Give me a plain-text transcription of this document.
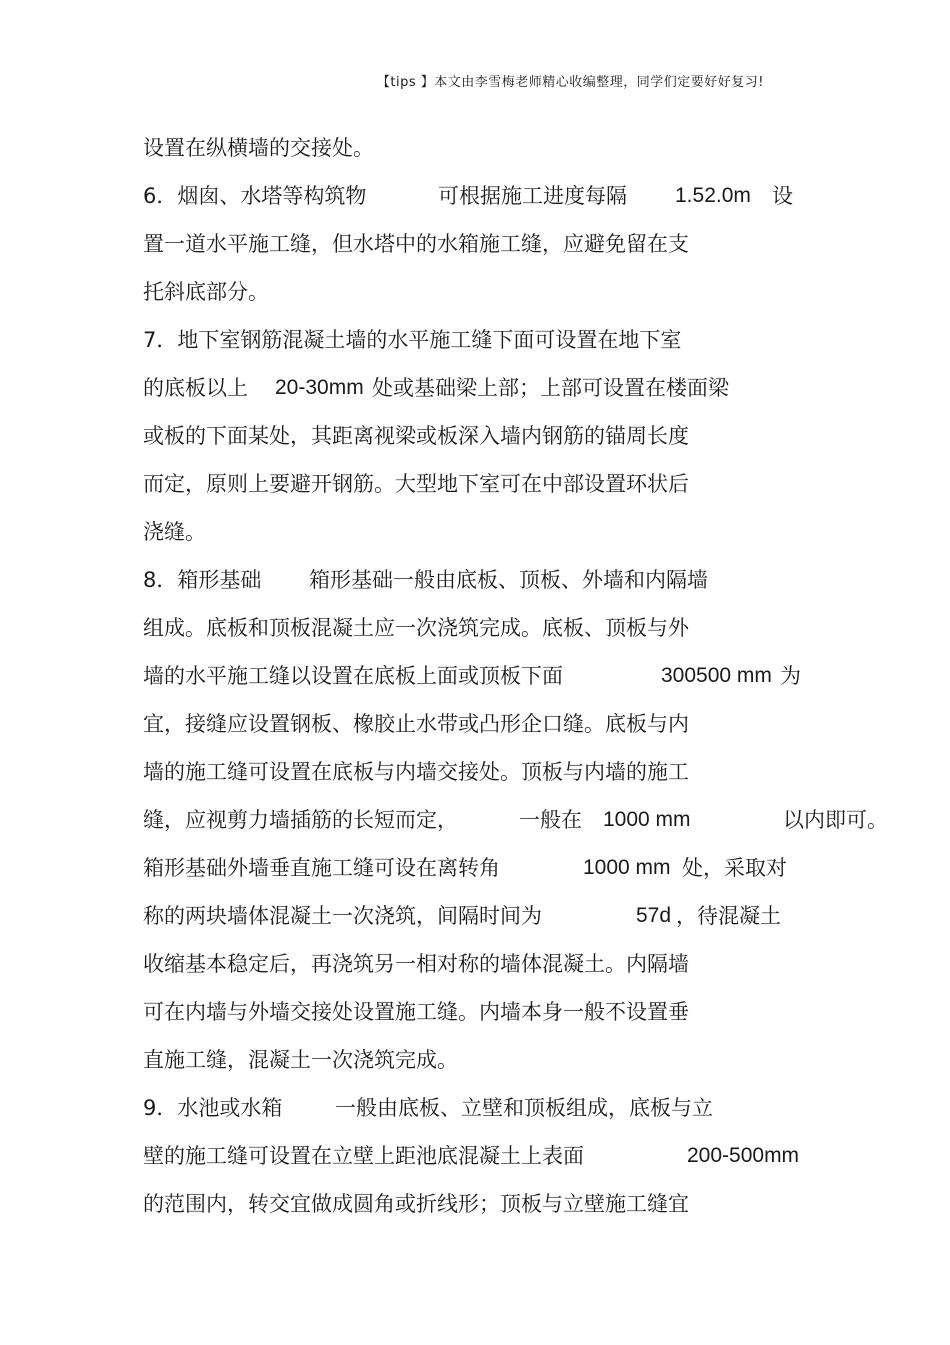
【tips 】本文由李雪梅老师精心收编整理，同学们定要好好复习!
设置在纵横墙的交接处。
6．烟囱、水塔等构筑物	可根据施工进度每隔 1.52.0m 设
置一道水平施工缝，但水塔中的水箱施工缝，应避免留在支
托斜底部分。
7．地下室钢筋混凝土墙的水平施工缝下面可设置在地下室
的底板以上 20-30mm 处或基础梁上部；上部可设置在楼面梁
或板的下面某处，其距离视梁或板深入墙内钢筋的锚周长度
而定，原则上要避开钢筋。大型地下室可在中部设置环状后
浇缝。
8．箱形基础 箱形基础一般由底板、顶板、外墙和内隔墙
组成。底板和顶板混凝土应一次浇筑完成。底板、顶板与外
墙的水平施工缝以设置在底板上面或顶板下面	300500 mm 为
宜，接缝应设置钢板、橡胶止水带或凸形企口缝。底板与内
墙的施工缝可设置在底板与内墙交接处。顶板与内墙的施工
缝，应视剪力墙插筋的长短而定，	一般在 1000 mm	以内即可。
箱形基础外墙垂直施工缝可设在离转角	1000 mm 处，采取对
称的两块墙体混凝土一次浇筑，间隔时间为	57d ，待混凝土
收缩基本稳定后，再浇筑另一相对称的墙体混凝土。内隔墙
可在内墙与外墙交接处设置施工缝。内墙本身一般不设置垂
直施工缝，混凝土一次浇筑完成。
9．水池或水箱	一般由底板、立壁和顶板组成，底板与立
壁的施工缝可设置在立壁上距池底混凝土上表面	200-500mm
的范围内，转交宜做成圆角或折线形；顶板与立壁施工缝宜
